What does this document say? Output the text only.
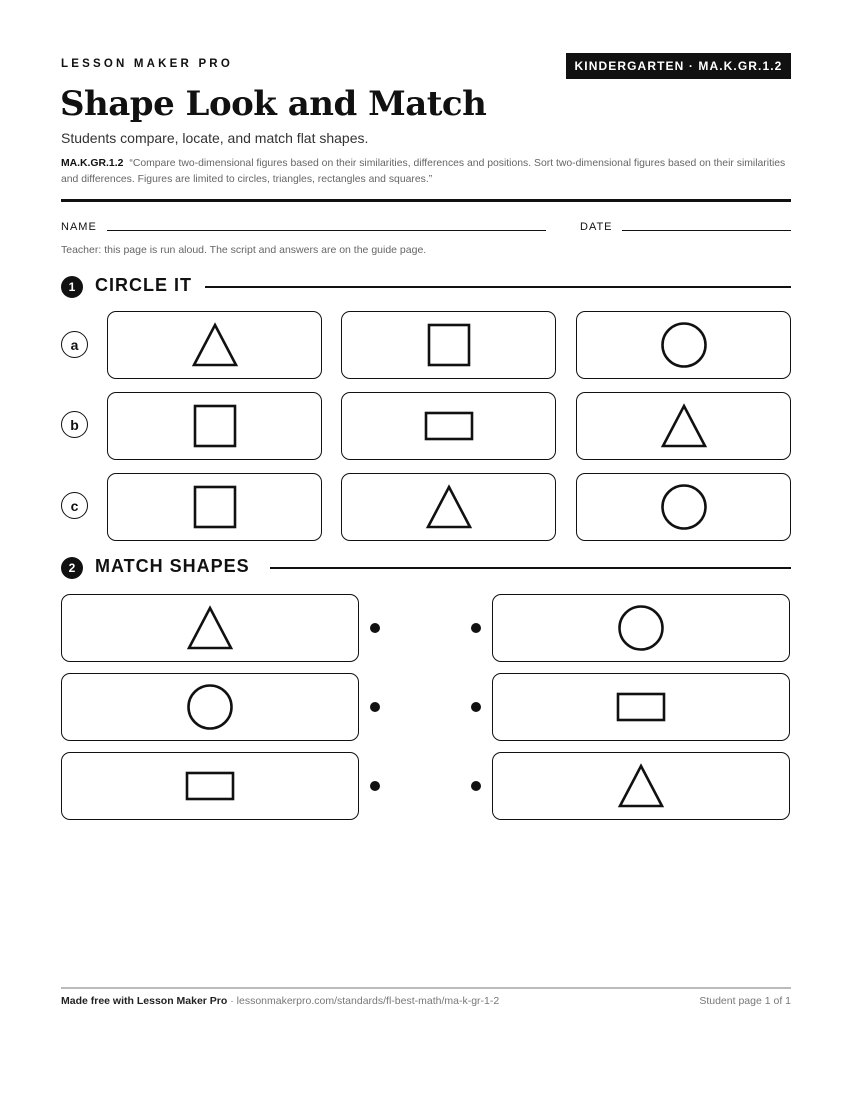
LESSON MAKER PRO	KINDERGARTEN · MA.K.GR.1.2
Shape Look and Match
Students compare, locate, and match flat shapes.
MA.K.GR.1.2 “Compare two-dimensional figures based on their similarities, differences and positions. Sort two-dimensional figures based on their similarities and differences. Figures are limited to circles, triangles, rectangles and squares.”
NAME	DATE
Teacher: this page is run aloud. The script and answers are on the guide page.
1	CIRCLE IT
a
b
c
2	MATCH SHAPES
Made free with Lesson Maker Pro · lessonmakerpro.com/standards/fl-best-math/ma-k-gr-1-2	Student page 1 of 1
